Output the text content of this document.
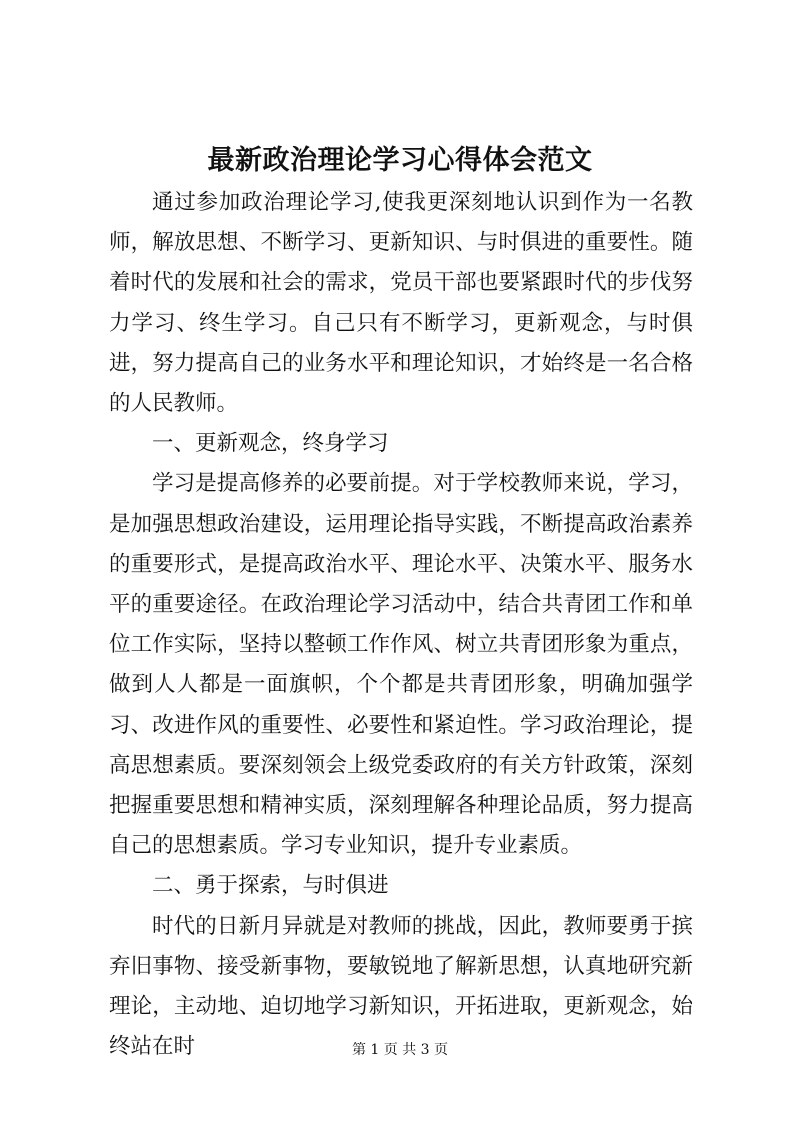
最新政治理论学习心得体会范文

通过参加政治理论学习,使我更深刻地认识到作为一名教师，解放思想、不断学习、更新知识、与时俱进的重要性。随着时代的发展和社会的需求，党员干部也要紧跟时代的步伐努力学习、终生学习。自己只有不断学习，更新观念，与时俱进，努力提高自己的业务水平和理论知识，才始终是一名合格的人民教师。

一、更新观念，终身学习

学习是提高修养的必要前提。对于学校教师来说，学习，是加强思想政治建设，运用理论指导实践，不断提高政治素养的重要形式，是提高政治水平、理论水平、决策水平、服务水平的重要途径。在政治理论学习活动中，结合共青团工作和单位工作实际，坚持以整顿工作作风、树立共青团形象为重点，做到人人都是一面旗帜，个个都是共青团形象，明确加强学习、改进作风的重要性、必要性和紧迫性。学习政治理论，提高思想素质。要深刻领会上级党委政府的有关方针政策，深刻把握重要思想和精神实质，深刻理解各种理论品质，努力提高自己的思想素质。学习专业知识，提升专业素质。

二、勇于探索，与时俱进

时代的日新月异就是对教师的挑战，因此，教师要勇于摈弃旧事物、接受新事物，要敏锐地了解新思想，认真地研究新理论，主动地、迫切地学习新知识，开拓进取，更新观念，始终站在时	第 1 页 共 3 页
